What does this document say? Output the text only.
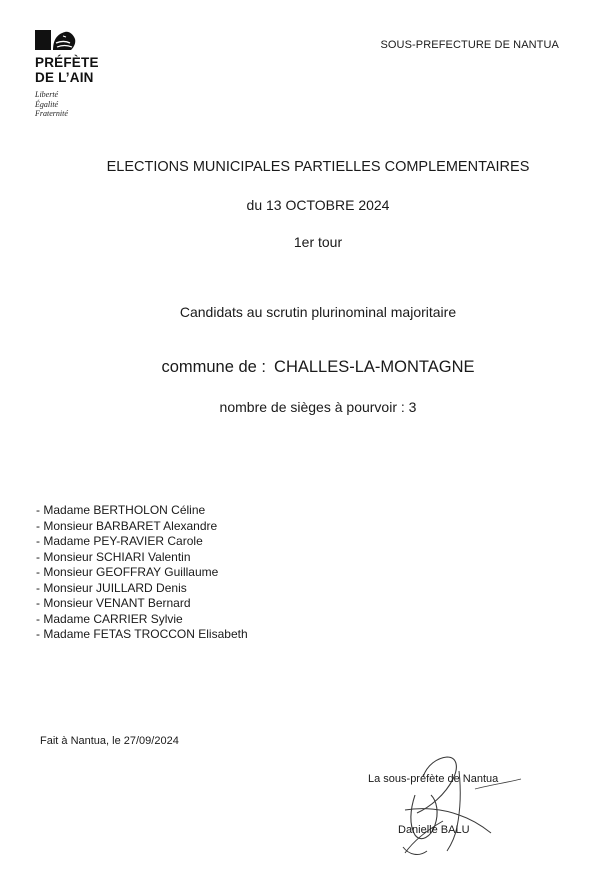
PRÉFÈTE
DE L’AIN
Liberté
Égalité
Fraternité
SOUS-PREFECTURE DE NANTUA
ELECTIONS MUNICIPALES PARTIELLES COMPLEMENTAIRES
du 13 OCTOBRE 2024
1er tour
Candidats au scrutin plurinominal majoritaire
commune de : CHALLES-LA-MONTAGNE
nombre de sièges à pourvoir : 3
- Madame BERTHOLON Céline
- Monsieur BARBARET Alexandre
- Madame PEY-RAVIER Carole
- Monsieur SCHIARI Valentin
- Monsieur GEOFFRAY Guillaume
- Monsieur JUILLARD Denis
- Monsieur VENANT Bernard
- Madame CARRIER Sylvie
- Madame FETAS TROCCON Elisabeth
Fait à Nantua, le 27/09/2024
La sous-préfète de Nantua
Danielle BALU
